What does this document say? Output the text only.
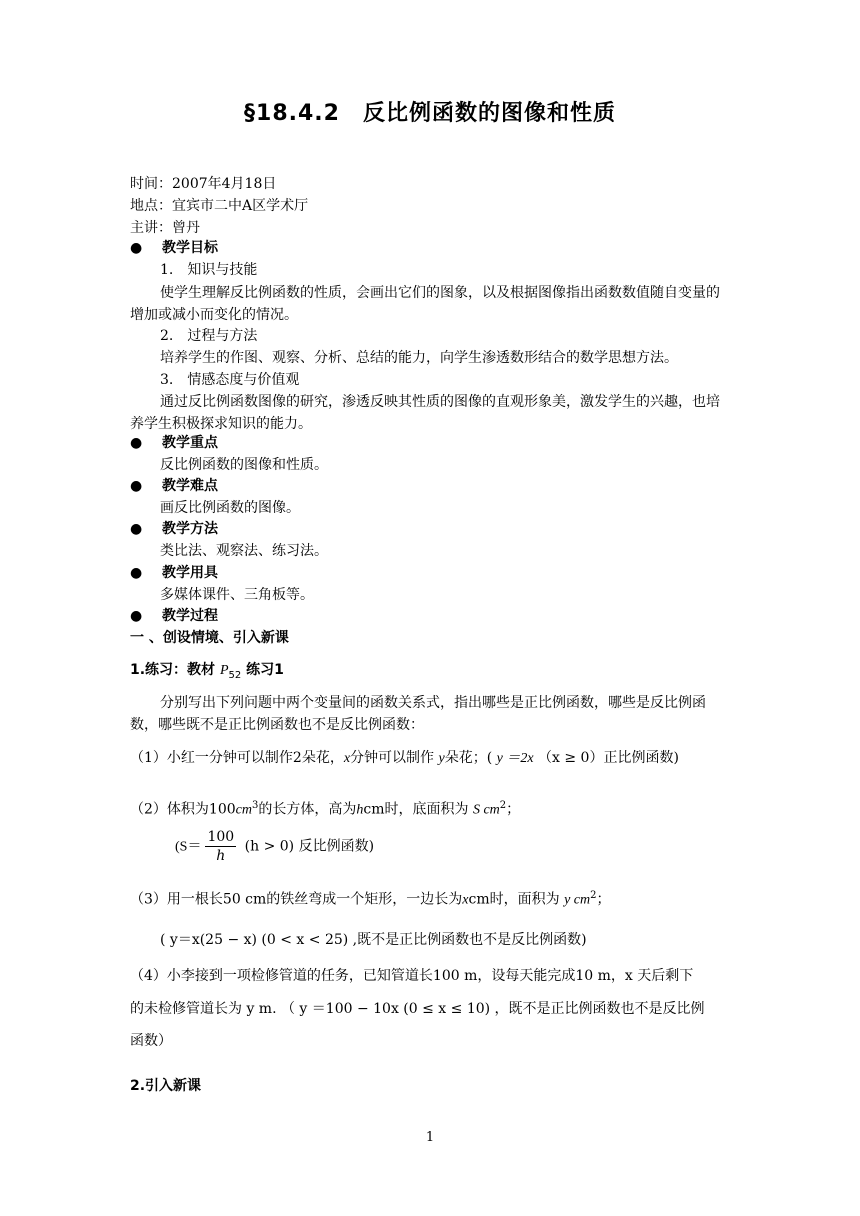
§18.4.2　反比例函数的图像和性质
时间：2007年4月18日
地点：宜宾市二中A区学术厅
主讲：曾丹
● 教学目标
1.　知识与技能
使学生理解反比例函数的性质，会画出它们的图象，以及根据图像指出函数数值随自变量的增加或减小而变化的情况。
2.　过程与方法
培养学生的作图、观察、分析、总结的能力，向学生渗透数形结合的数学思想方法。
3.　情感态度与价值观
通过反比例函数图像的研究，渗透反映其性质的图像的直观形象美，激发学生的兴趣，也培养学生积极探求知识的能力。
● 教学重点
反比例函数的图像和性质。
● 教学难点
画反比例函数的图像。
● 教学方法
类比法、观察法、练习法。
● 教学用具
多媒体课件、三角板等。
● 教学过程
一 、创设情境、引入新课
1.练习：教材 $P_{52}$ 练习1
分别写出下列问题中两个变量间的函数关系式，指出哪些是正比例函数，哪些是反比例函数，哪些既不是正比例函数也不是反比例函数：
（1）小红一分钟可以制作2朵花，x分钟可以制作 y朵花；( y ＝2x （x ≥ 0）正比例函数)
（2）体积为$100cm^3$的长方体，高为hcm时，底面积为 S $cm^2$；
($S= \frac{100}{h} (h > 0)$ 反比例函数)
（3）用一根长50 cm的铁丝弯成一个矩形，一边长为xcm时，面积为 y $cm^2$；
( y＝x(25 − x) (0 < x < 25) ,既不是正比例函数也不是反比例函数)
（4）小李接到一项检修管道的任务，已知管道长100 m，设每天能完成10 m，x 天后剩下
的未检修管道长为 y m. （ y ＝100 − 10x (0 ≤ x ≤ 10) ，既不是正比例函数也不是反比例
函数）
2.引入新课
1
